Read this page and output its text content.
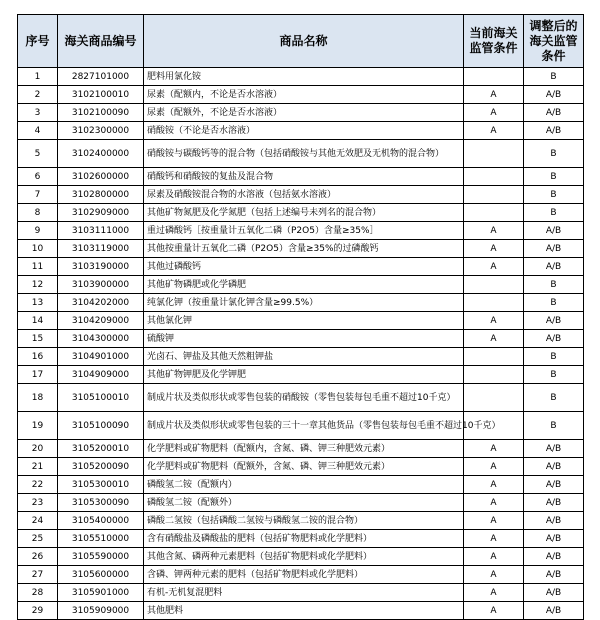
序号	海关商品编号	商品名称	当前海关监管条件	调整后的海关监管条件
1	2827101000	肥料用氯化铵		B
2	3102100010	尿素（配额内，不论是否水溶液）	A	A/B
3	3102100090	尿素（配额外，不论是否水溶液）	A	A/B
4	3102300000	硝酸铵（不论是否水溶液）	A	A/B
5	3102400000	硝酸铵与碳酸钙等的混合物（包括硝酸铵与其他无效肥及无机物的混合物）		B
6	3102600000	硝酸钙和硝酸铵的复盐及混合物		B
7	3102800000	尿素及硝酸铵混合物的水溶液（包括氨水溶液）		B
8	3102909000	其他矿物氮肥及化学氮肥（包括上述编号未列名的混合物）		B
9	3103111000	重过磷酸钙［按重量计五氧化二磷（P2O5）含量≥35%］	A	A/B
10	3103119000	其他按重量计五氧化二磷（P2O5）含量≥35%的过磷酸钙	A	A/B
11	3103190000	其他过磷酸钙	A	A/B
12	3103900000	其他矿物磷肥或化学磷肥		B
13	3104202000	纯氯化钾（按重量计氯化钾含量≥99.5%）		B
14	3104209000	其他氯化钾	A	A/B
15	3104300000	硫酸钾	A	A/B
16	3104901000	光卤石、钾盐及其他天然粗钾盐		B
17	3104909000	其他矿物钾肥及化学钾肥		B
18	3105100010	制成片状及类似形状或零售包装的硝酸铵（零售包装每包毛重不超过10千克）		B
19	3105100090	制成片状及类似形状或零售包装的三十一章其他货品（零售包装每包毛重不超过10千克）		B
20	3105200010	化学肥料或矿物肥料（配额内，含氮、磷、钾三种肥效元素）	A	A/B
21	3105200090	化学肥料或矿物肥料（配额外，含氮、磷、钾三种肥效元素）	A	A/B
22	3105300010	磷酸氢二铵（配额内）	A	A/B
23	3105300090	磷酸氢二铵（配额外）	A	A/B
24	3105400000	磷酸二氢铵（包括磷酸二氢铵与磷酸氢二铵的混合物）	A	A/B
25	3105510000	含有硝酸盐及磷酸盐的肥料（包括矿物肥料或化学肥料）	A	A/B
26	3105590000	其他含氮、磷两种元素肥料（包括矿物肥料或化学肥料）	A	A/B
27	3105600000	含磷、钾两种元素的肥料（包括矿物肥料或化学肥料）	A	A/B
28	3105901000	有机-无机复混肥料	A	A/B
29	3105909000	其他肥料	A	A/B
